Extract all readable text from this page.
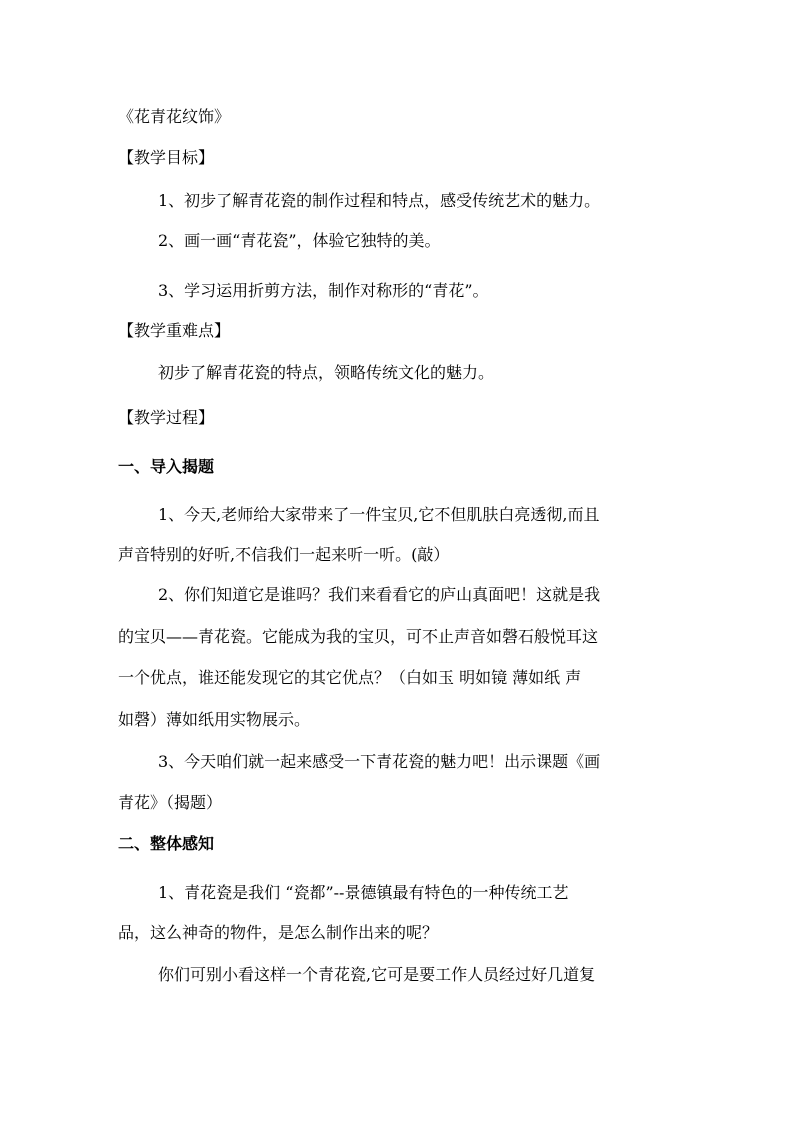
《花青花纹饰》
【教学目标】
1、初步了解青花瓷的制作过程和特点，感受传统艺术的魅力。
2、画一画“青花瓷”，体验它独特的美。
3、学习运用折剪方法，制作对称形的“青花”。
【教学重难点】
初步了解青花瓷的特点，领略传统文化的魅力。
【教学过程】
一、导入揭题
1、今天,老师给大家带来了一件宝贝,它不但肌肤白亮透彻,而且
声音特别的好听,不信我们一起来听一听。(敲）
2、你们知道它是谁吗？我们来看看它的庐山真面吧！这就是我
的宝贝——青花瓷。它能成为我的宝贝，可不止声音如磬石般悦耳这
一个优点，谁还能发现它的其它优点？（白如玉 明如镜 薄如纸 声
如磬）薄如纸用实物展示。
3、今天咱们就一起来感受一下青花瓷的魅力吧！出示课题《画
青花》（揭题）
二、整体感知
1、青花瓷是我们 “瓷都”--景德镇最有特色的一种传统工艺
品，这么神奇的物件，是怎么制作出来的呢？
你们可别小看这样一个青花瓷,它可是要工作人员经过好几道复
